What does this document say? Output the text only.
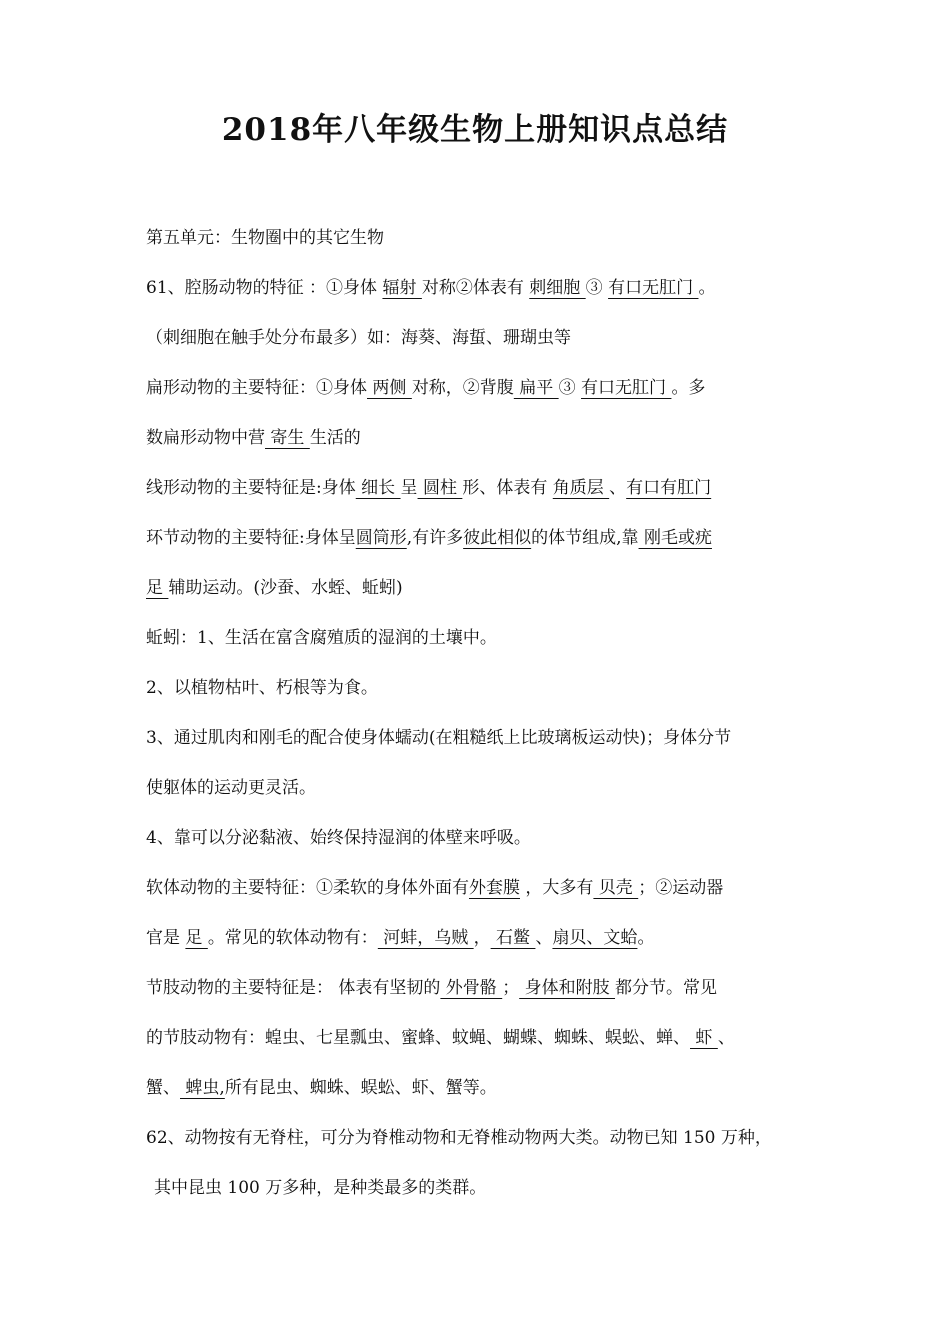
2018年八年级生物上册知识点总结
第五单元：生物圈中的其它生物
61、腔肠动物的特征 ：①身体 辐射 对称②体表有 刺细胞 ③ 有口无肛门 。
（刺细胞在触手处分布最多）如：海葵、海蜇、珊瑚虫等
扁形动物的主要特征：①身体 两侧 对称，②背腹 扁平 ③ 有口无肛门 。多
数扁形动物中营 寄生 生活的
线形动物的主要特征是:身体 细长 呈 圆柱 形、体表有 角质层 、有口有肛门
环节动物的主要特征:身体呈圆筒形,有许多彼此相似的体节组成,靠 刚毛或疣
足 辅助运动。(沙蚕、水蛭、蚯蚓)
蚯蚓：1、生活在富含腐殖质的湿润的土壤中。
2、以植物枯叶、朽根等为食。
3、通过肌肉和刚毛的配合使身体蠕动(在粗糙纸上比玻璃板运动快)；身体分节
使躯体的运动更灵活。
4、靠可以分泌黏液、始终保持湿润的体壁来呼吸。
软体动物的主要特征：①柔软的身体外面有外套膜 ，大多有 贝壳 ；②运动器
官是 足 。常见的软体动物有： 河蚌，乌贼 ， 石鳖 、扇贝、文蛤。
节肢动物的主要特征是： 体表有坚韧的 外骨骼 ； 身体和附肢 都分节。常见
的节肢动物有：蝗虫、七星瓢虫、蜜蜂、蚊蝇、蝴蝶、蜘蛛、蜈蚣、蝉、 虾 、
蟹、 蜱虫,所有昆虫、蜘蛛、蜈蚣、虾、蟹等。
62、动物按有无脊柱，可分为脊椎动物和无脊椎动物两大类。动物已知 150 万种，
其中昆虫 100 万多种，是种类最多的类群。
